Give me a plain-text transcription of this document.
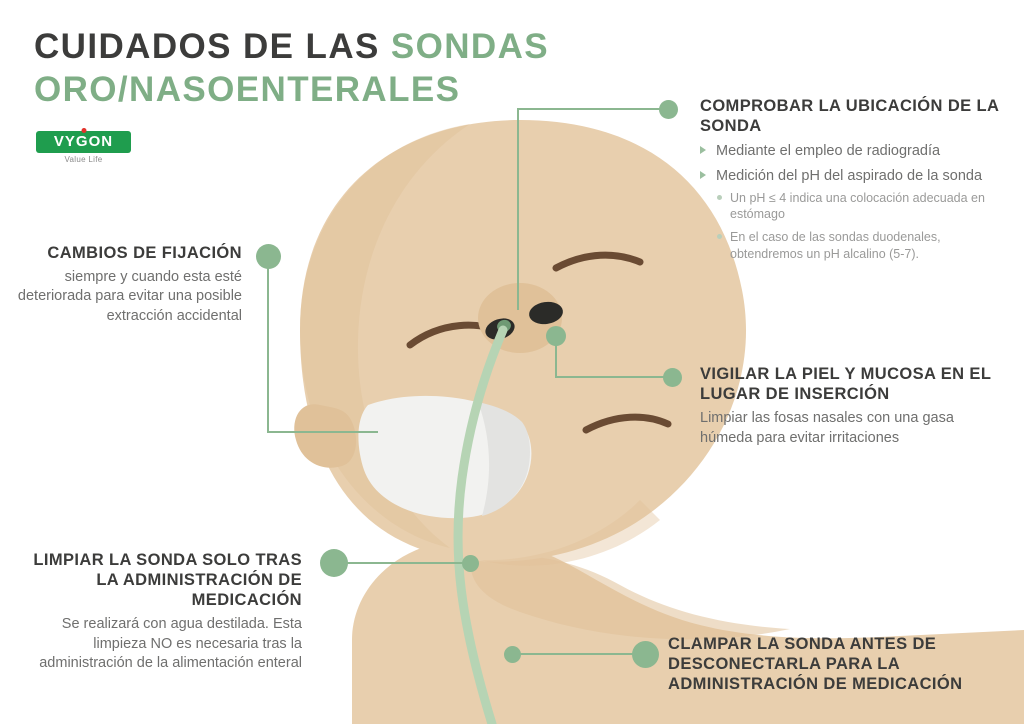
CUIDADOS DE LAS SONDAS
ORO/NASOENTERALES
VYGON
Value Life

COMPROBAR LA UBICACIÓN DE LA SONDA

Mediante el empleo de radiogradía
Medición del pH del aspirado de la sonda
Un pH ≤ 4 indica una colocación adecuada en estómago
En el caso de las sondas duodenales, obtendremos un pH alcalino (5-7).

CAMBIOS DE FIJACIÓN

siempre y cuando esta esté deteriorada para evitar una posible extracción accidental

VIGILAR LA PIEL Y MUCOSA EN EL LUGAR DE INSERCIÓN

Limpiar las fosas nasales con una gasa húmeda para evitar irritaciones

LIMPIAR LA SONDA SOLO TRAS LA ADMINISTRACIÓN DE MEDICACIÓN

Se realizará con agua destilada. Esta limpieza NO es necesaria tras la administración de la alimentación enteral

CLAMPAR LA SONDA ANTES DE DESCONECTARLA PARA LA ADMINISTRACIÓN DE MEDICACIÓN
